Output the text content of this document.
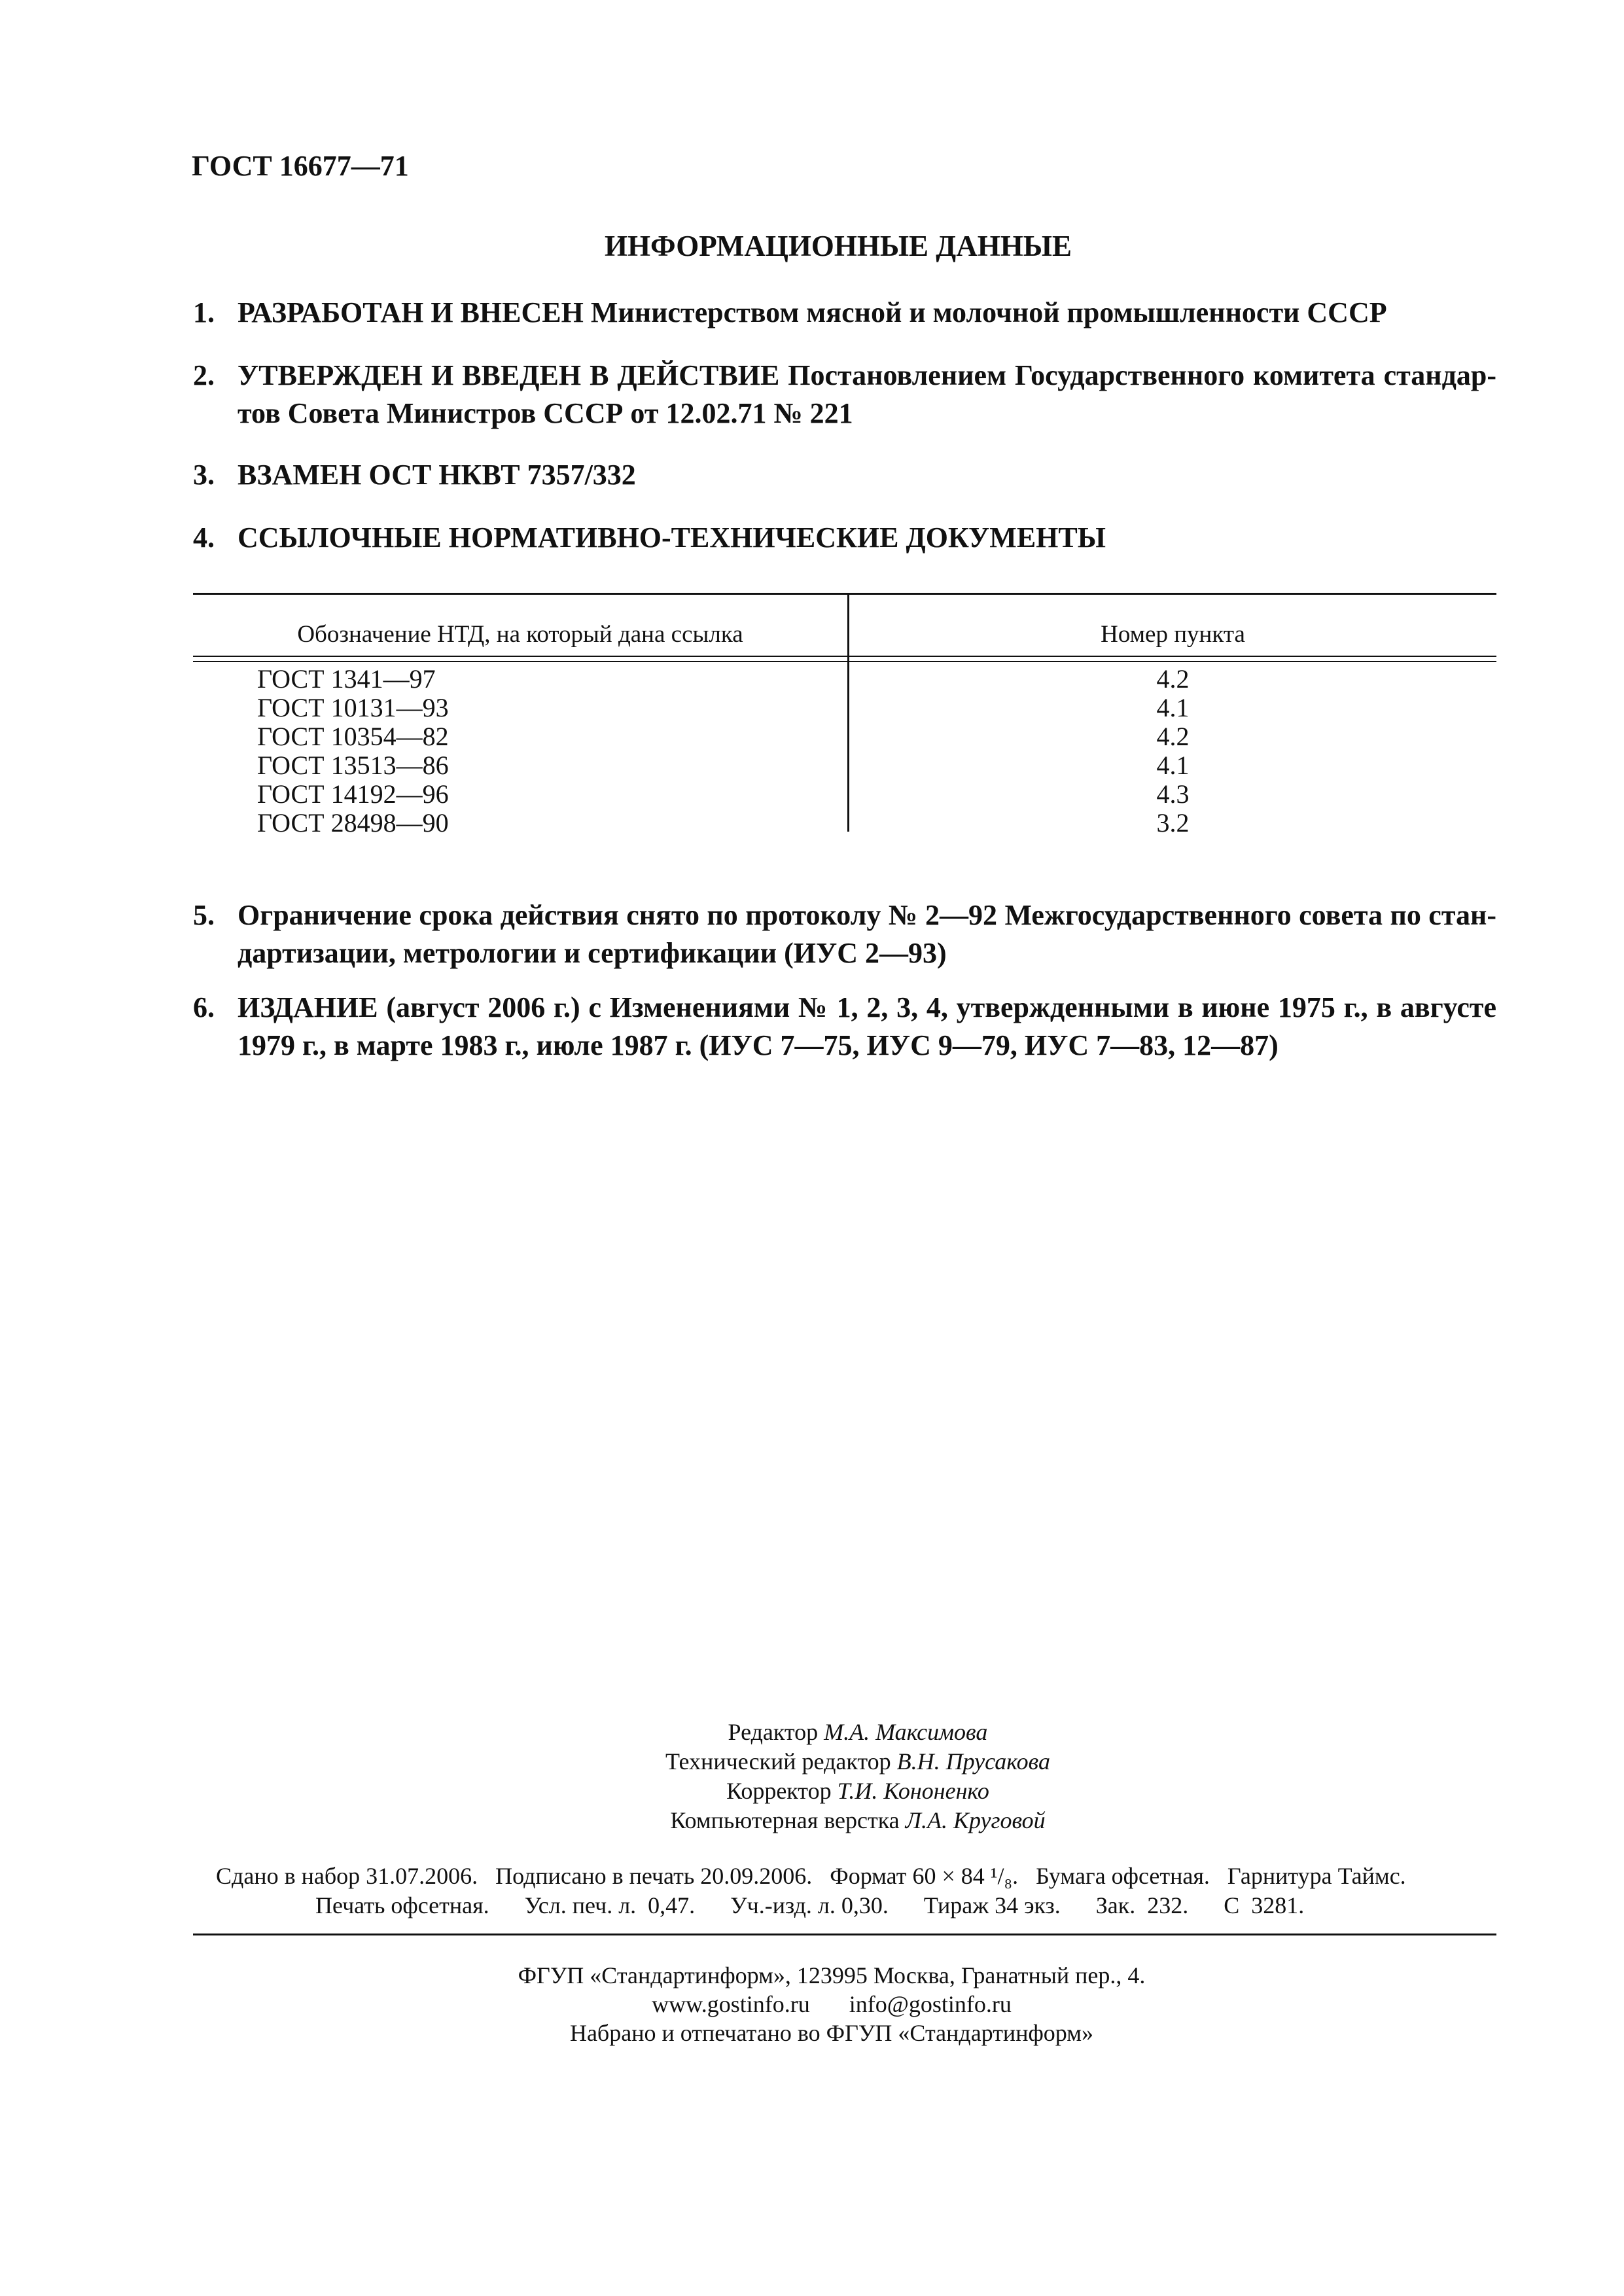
ГОСТ 16677—71
ИНФОРМАЦИОННЫЕ ДАННЫЕ
1. РАЗРАБОТАН И ВНЕСЕН Министерством мясной и молочной промышленности СССР
2. УТВЕРЖДЕН И ВВЕДЕН В ДЕЙСТВИЕ Постановлением Государственного комитета стандар-тов Совета Министров СССР от 12.02.71 № 221
3. ВЗАМЕН ОСТ НКВТ 7357/332
4. ССЫЛОЧНЫЕ НОРМАТИВНО-ТЕХНИЧЕСКИЕ ДОКУМЕНТЫ
Обозначение НТД, на который дана ссылка	Номер пункта
ГОСТ 1341—97
ГОСТ 10131—93
ГОСТ 10354—82
ГОСТ 13513—86
ГОСТ 14192—96
ГОСТ 28498—90
4.2
4.1
4.2
4.1
4.3
3.2
5. Ограничение срока действия снято по протоколу № 2—92 Межгосударственного совета по стан-дартизации, метрологии и сертификации (ИУС 2—93)
6. ИЗДАНИЕ (август 2006 г.) с Изменениями № 1, 2, 3, 4, утвержденными в июне 1975 г., в августе 1979 г., в марте 1983 г., июле 1987 г. (ИУС 7—75, ИУС 9—79, ИУС 7—83, 12—87)
Редактор М.А. Максимова
Технический редактор В.Н. Прусакова
Корректор Т.И. Кононенко
Компьютерная верстка Л.А. Круговой
Сдано в набор 31.07.2006.   Подписано в печать 20.09.2006.   Формат 60 × 84 ¹/₈.   Бумага офсетная.   Гарнитура Таймс.
Печать офсетная.      Усл. печ. л.  0,47.      Уч.-изд. л. 0,30.      Тираж 34 экз.      Зак.  232.      С  3281.
ФГУП «Стандартинформ», 123995 Москва, Гранатный пер., 4.
www.gostinfo.ru info@gostinfo.ru
Набрано и отпечатано во ФГУП «Стандартинформ»
